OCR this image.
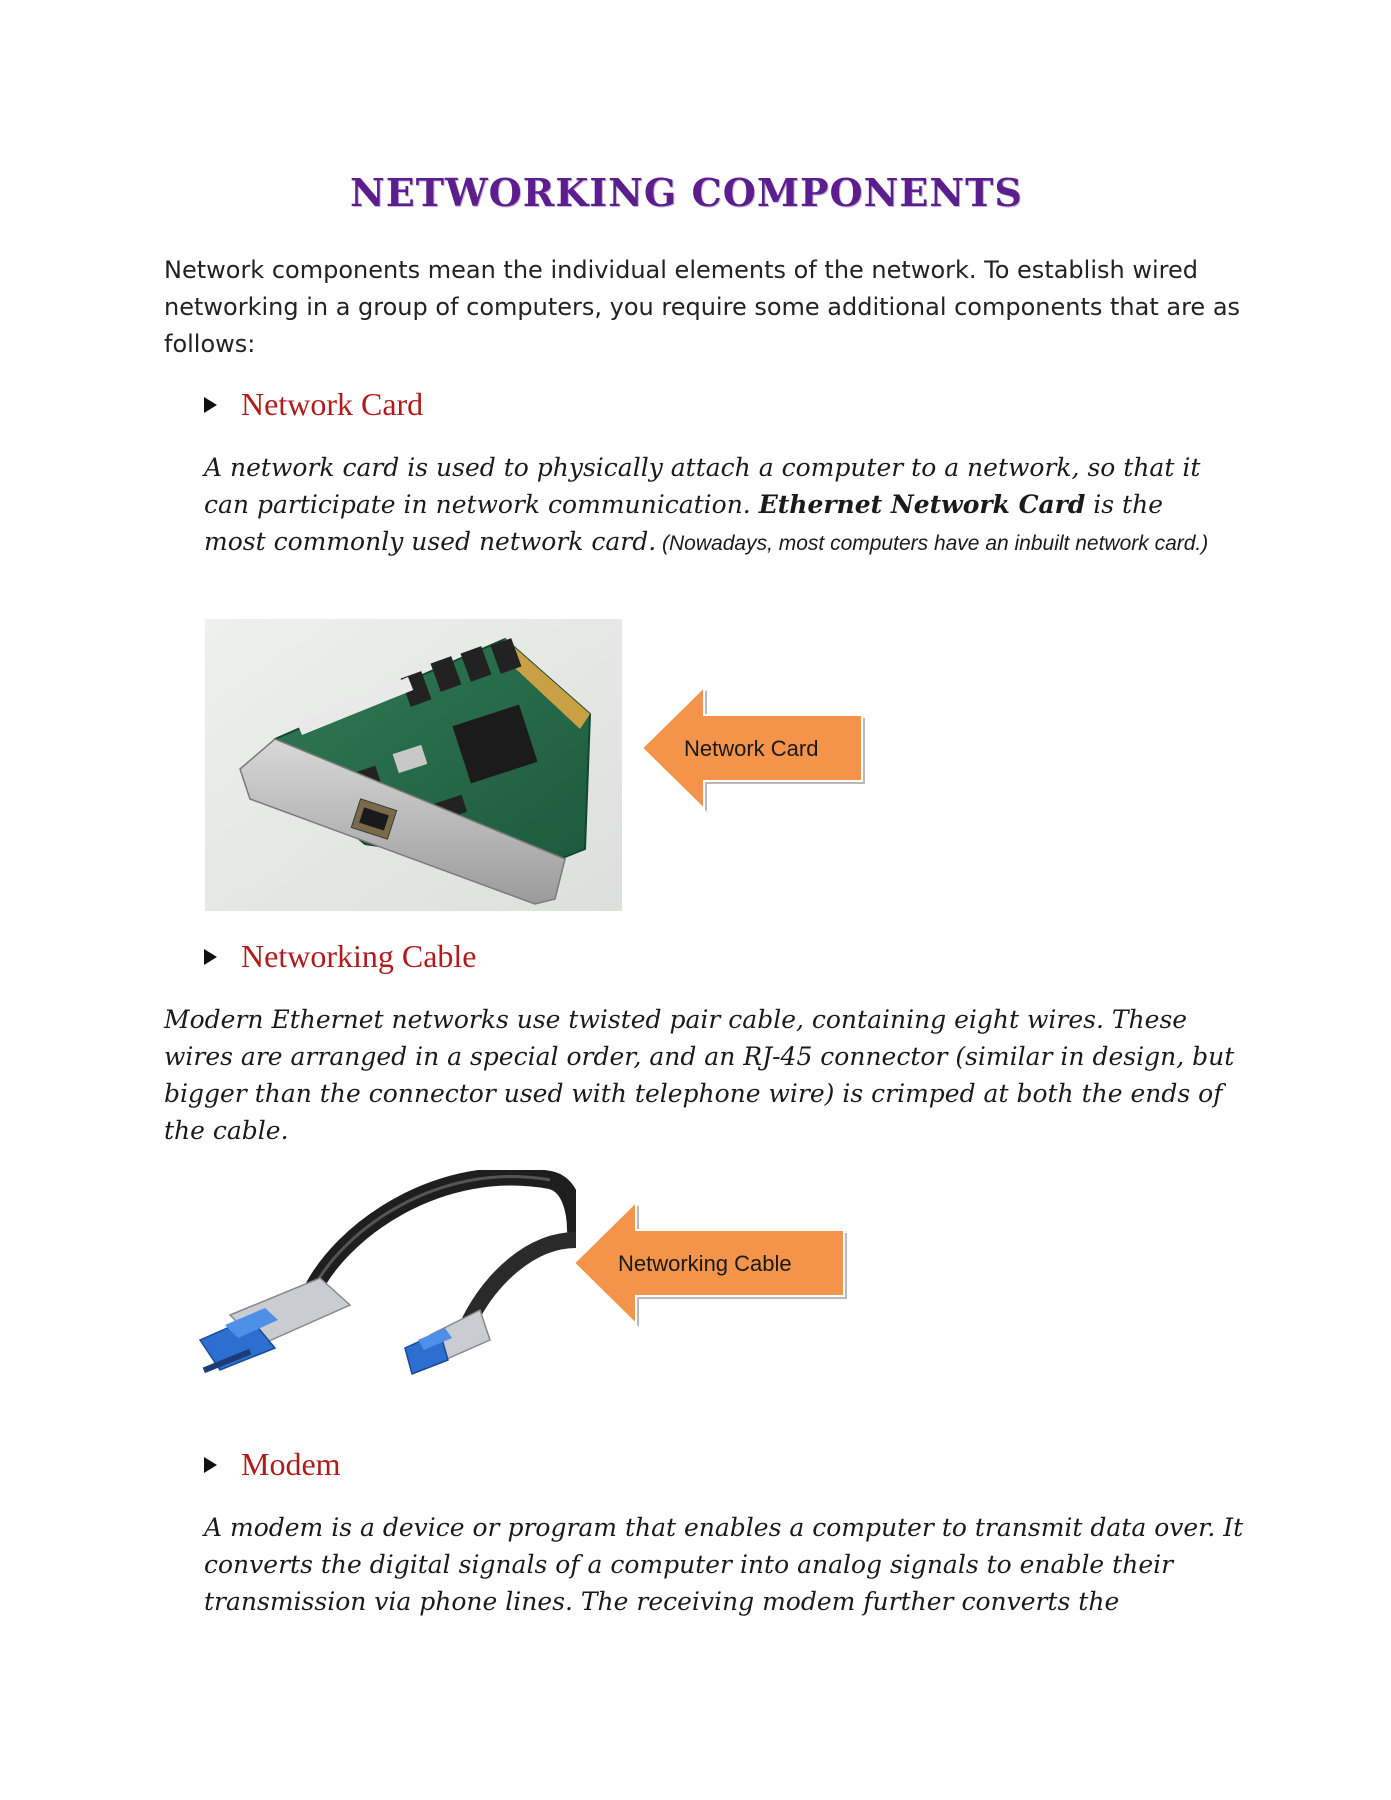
NETWORKING COMPONENTS
Network components mean the individual elements of the network. To establish wired networking in a group of computers, you require some additional components that are as follows:
Network Card
A network card is used to physically attach a computer to a network, so that it can participate in network communication. Ethernet Network Card is the most commonly used network card. (Nowadays, most computers have an inbuilt network card.)
Network Card
Networking Cable
Modern Ethernet networks use twisted pair cable, containing eight wires. These wires are arranged in a special order, and an RJ-45 connector (similar in design, but bigger than the connector used with telephone wire) is crimped at both the ends of the cable.
Networking Cable
Modem
A modem is a device or program that enables a computer to transmit data over. It converts the digital signals of a computer into analog signals to enable their transmission via phone lines. The receiving modem further converts the
